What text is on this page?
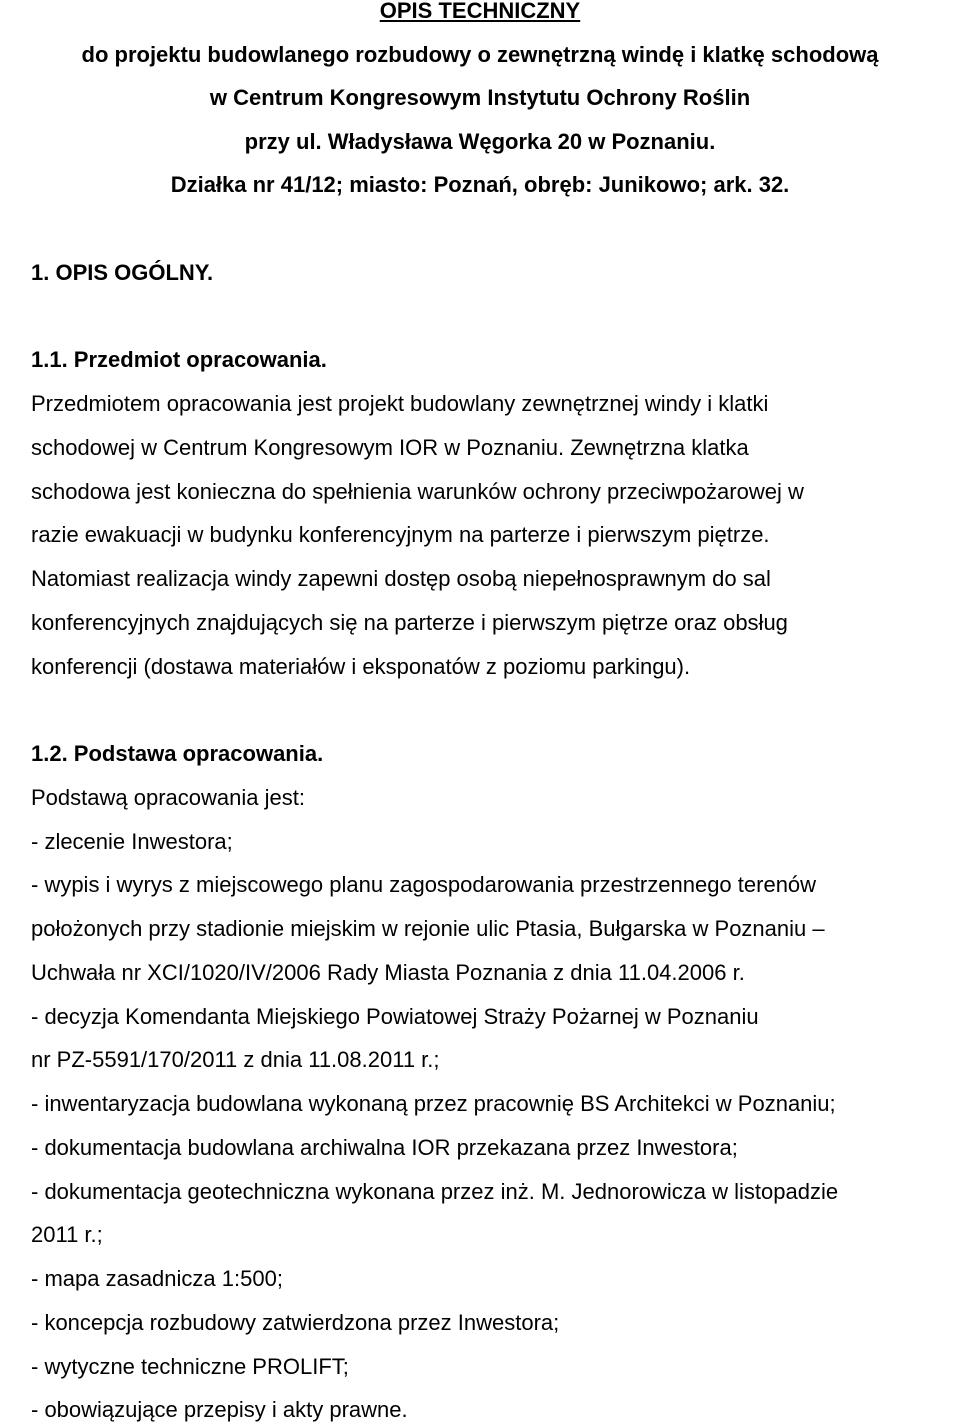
OPIS TECHNICZNY
do projektu budowlanego rozbudowy o zewnętrzną windę i klatkę schodową
w Centrum Kongresowym Instytutu Ochrony Roślin
przy ul. Władysława Węgorka 20 w Poznaniu.
Działka nr 41/12; miasto: Poznań, obręb: Junikowo; ark. 32.
1. OPIS OGÓLNY.
1.1. Przedmiot opracowania.
Przedmiotem opracowania jest projekt budowlany zewnętrznej windy i klatki
schodowej w Centrum Kongresowym IOR w Poznaniu. Zewnętrzna klatka
schodowa jest konieczna do spełnienia warunków ochrony przeciwpożarowej w
razie ewakuacji w budynku konferencyjnym na parterze i pierwszym piętrze.
Natomiast realizacja windy zapewni dostęp osobą niepełnosprawnym do sal
konferencyjnych znajdujących się na parterze i pierwszym piętrze oraz obsług
konferencji (dostawa materiałów i eksponatów z poziomu parkingu).
1.2. Podstawa opracowania.
Podstawą opracowania jest:
- zlecenie Inwestora;
- wypis i wyrys z miejscowego planu zagospodarowania przestrzennego terenów
położonych przy stadionie miejskim w rejonie ulic Ptasia, Bułgarska w Poznaniu –
Uchwała nr XCI/1020/IV/2006 Rady Miasta Poznania z dnia 11.04.2006 r.
- decyzja Komendanta Miejskiego Powiatowej Straży Pożarnej w Poznaniu
nr PZ-5591/170/2011 z dnia 11.08.2011 r.;
- inwentaryzacja budowlana wykonaną przez pracownię BS Architekci w Poznaniu;
- dokumentacja budowlana archiwalna IOR przekazana przez Inwestora;
- dokumentacja geotechniczna wykonana przez inż. M. Jednorowicza w listopadzie
2011 r.;
- mapa zasadnicza 1:500;
- koncepcja rozbudowy zatwierdzona przez Inwestora;
- wytyczne techniczne PROLIFT;
- obowiązujące przepisy i akty prawne.
